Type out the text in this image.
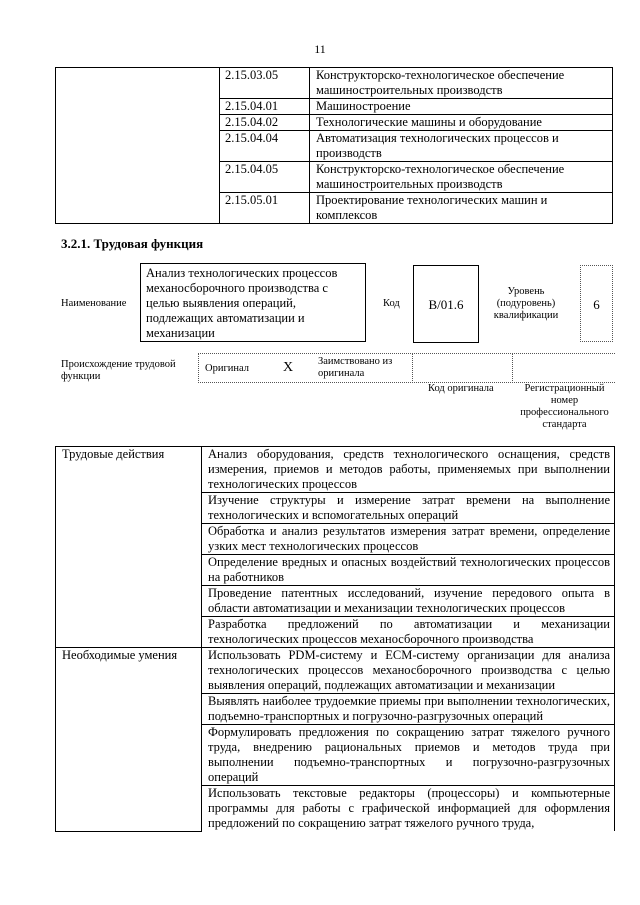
11
	2.15.03.05	Конструкторско-технологическое обеспечение машиностроительных производств
	2.15.04.01	Машиностроение
	2.15.04.02	Технологические машины и оборудование
	2.15.04.04	Автоматизация технологических процессов и производств
	2.15.04.05	Конструкторско-технологическое обеспечение машиностроительных производств
	2.15.05.01	Проектирование технологических машин и комплексов
3.2.1. Трудовая функция
Наименование
Анализ технологических процессов механосборочного производства с целью выявления операций, подлежащих автоматизации и механизации
Код	В/01.6
Уровень (подуровень) квалификации
6
Происхождение трудовой функции
Оригинал X Заимствовано из оригинала
Код оригинала	Регистрационный номер профессионального стандарта
Трудовые действия	Анализ оборудования, средств технологического оснащения, средств измерения, приемов и методов работы, применяемых при выполнении технологических процессов
	Изучение структуры и измерение затрат времени на выполнение технологических и вспомогательных операций
	Обработка и анализ результатов измерения затрат времени, определение узких мест технологических процессов
	Определение вредных и опасных воздействий технологических процессов на работников
	Проведение патентных исследований, изучение передового опыта в области автоматизации и механизации технологических процессов
	Разработка предложений по автоматизации и механизации технологических процессов механосборочного производства
Необходимые умения	Использовать PDM-систему и ECM-систему организации для анализа технологических процессов механосборочного производства с целью выявления операций, подлежащих автоматизации и механизации
	Выявлять наиболее трудоемкие приемы при выполнении технологических, подъемно-транспортных и погрузочно-разгрузочных операций
	Формулировать предложения по сокращению затрат тяжелого ручного труда, внедрению рациональных приемов и методов труда при выполнении подъемно-транспортных и погрузочно-разгрузочных операций
	Использовать текстовые редакторы (процессоры) и компьютерные программы для работы с графической информацией для оформления предложений по сокращению затрат тяжелого ручного труда,
